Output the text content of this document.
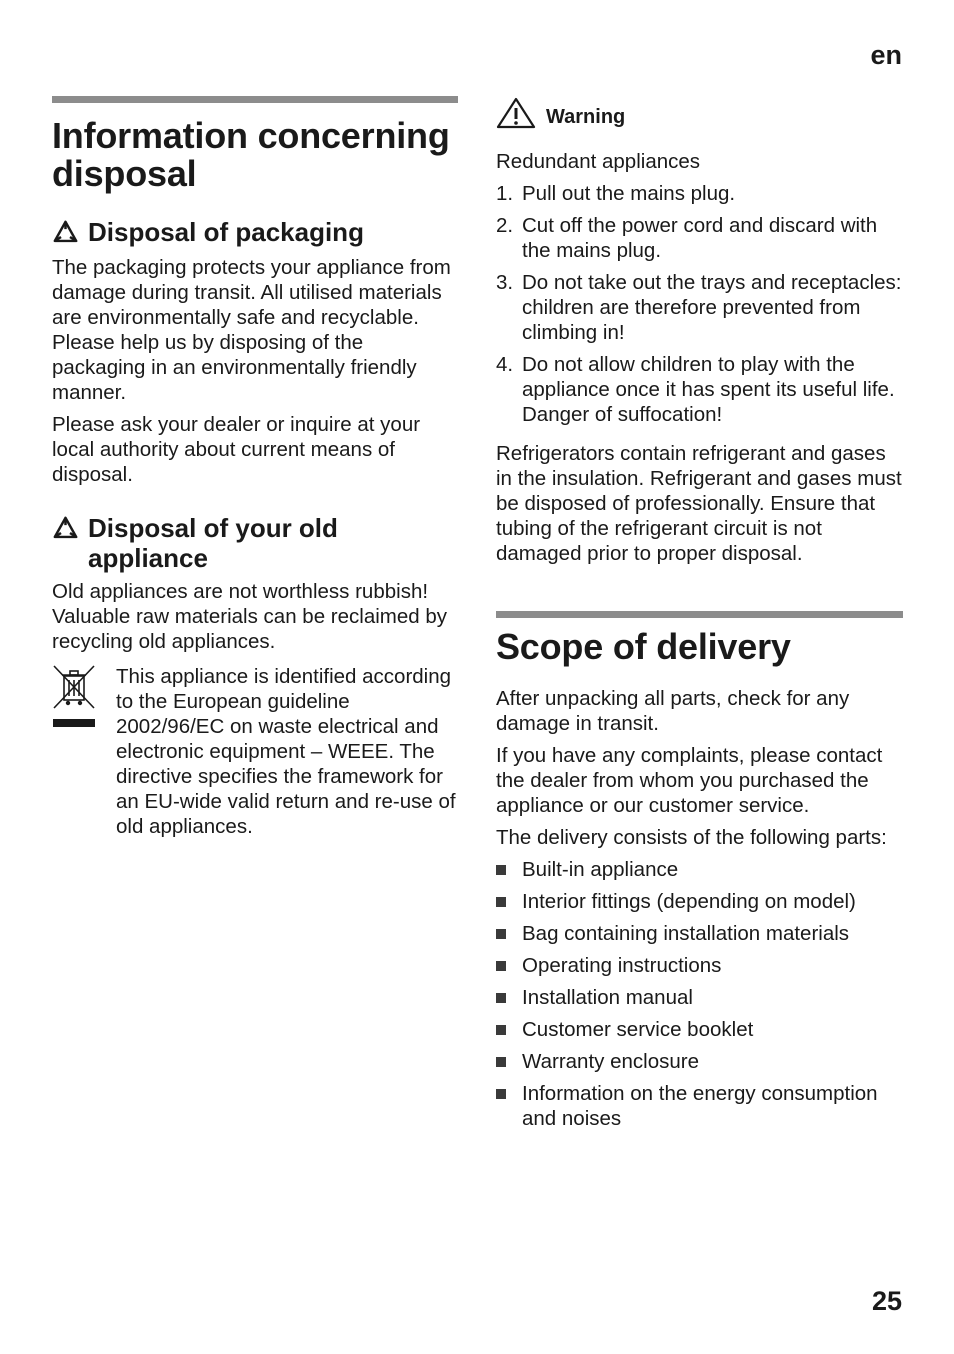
en
Information concerning disposal
Disposal of packaging

The packaging protects your appliance from damage during transit. All utilised materials are environmentally safe and recyclable. Please help us by disposing of the packaging in an environmentally friendly manner.

Please ask your dealer or inquire at your local authority about current means of disposal.

Disposal of your old appliance

Old appliances are not worthless rubbish! Valuable raw materials can be reclaimed by recycling old appliances.

This appliance is identified according to the European guideline 2002/96/EC on waste electrical and electronic equipment – WEEE. The directive specifies the framework for an EU-wide valid return and re-use of old appliances.

Warning

Redundant appliances

1. Pull out the mains plug.
2. Cut off the power cord and discard with the mains plug.
3. Do not take out the trays and receptacles: children are therefore prevented from climbing in!
4. Do not allow children to play with the appliance once it has spent its useful life. Danger of suffocation!

Refrigerators contain refrigerant and gases in the insulation. Refrigerant and gases must be disposed of professionally. Ensure that tubing of the refrigerant circuit is not damaged prior to proper disposal.

Scope of delivery

After unpacking all parts, check for any damage in transit.

If you have any complaints, please contact the dealer from whom you purchased the appliance or our customer service.

The delivery consists of the following parts:

Built-in appliance
Interior fittings (depending on model)
Bag containing installation materials
Operating instructions
Installation manual
Customer service booklet
Warranty enclosure
Information on the energy consumption and noises
25
